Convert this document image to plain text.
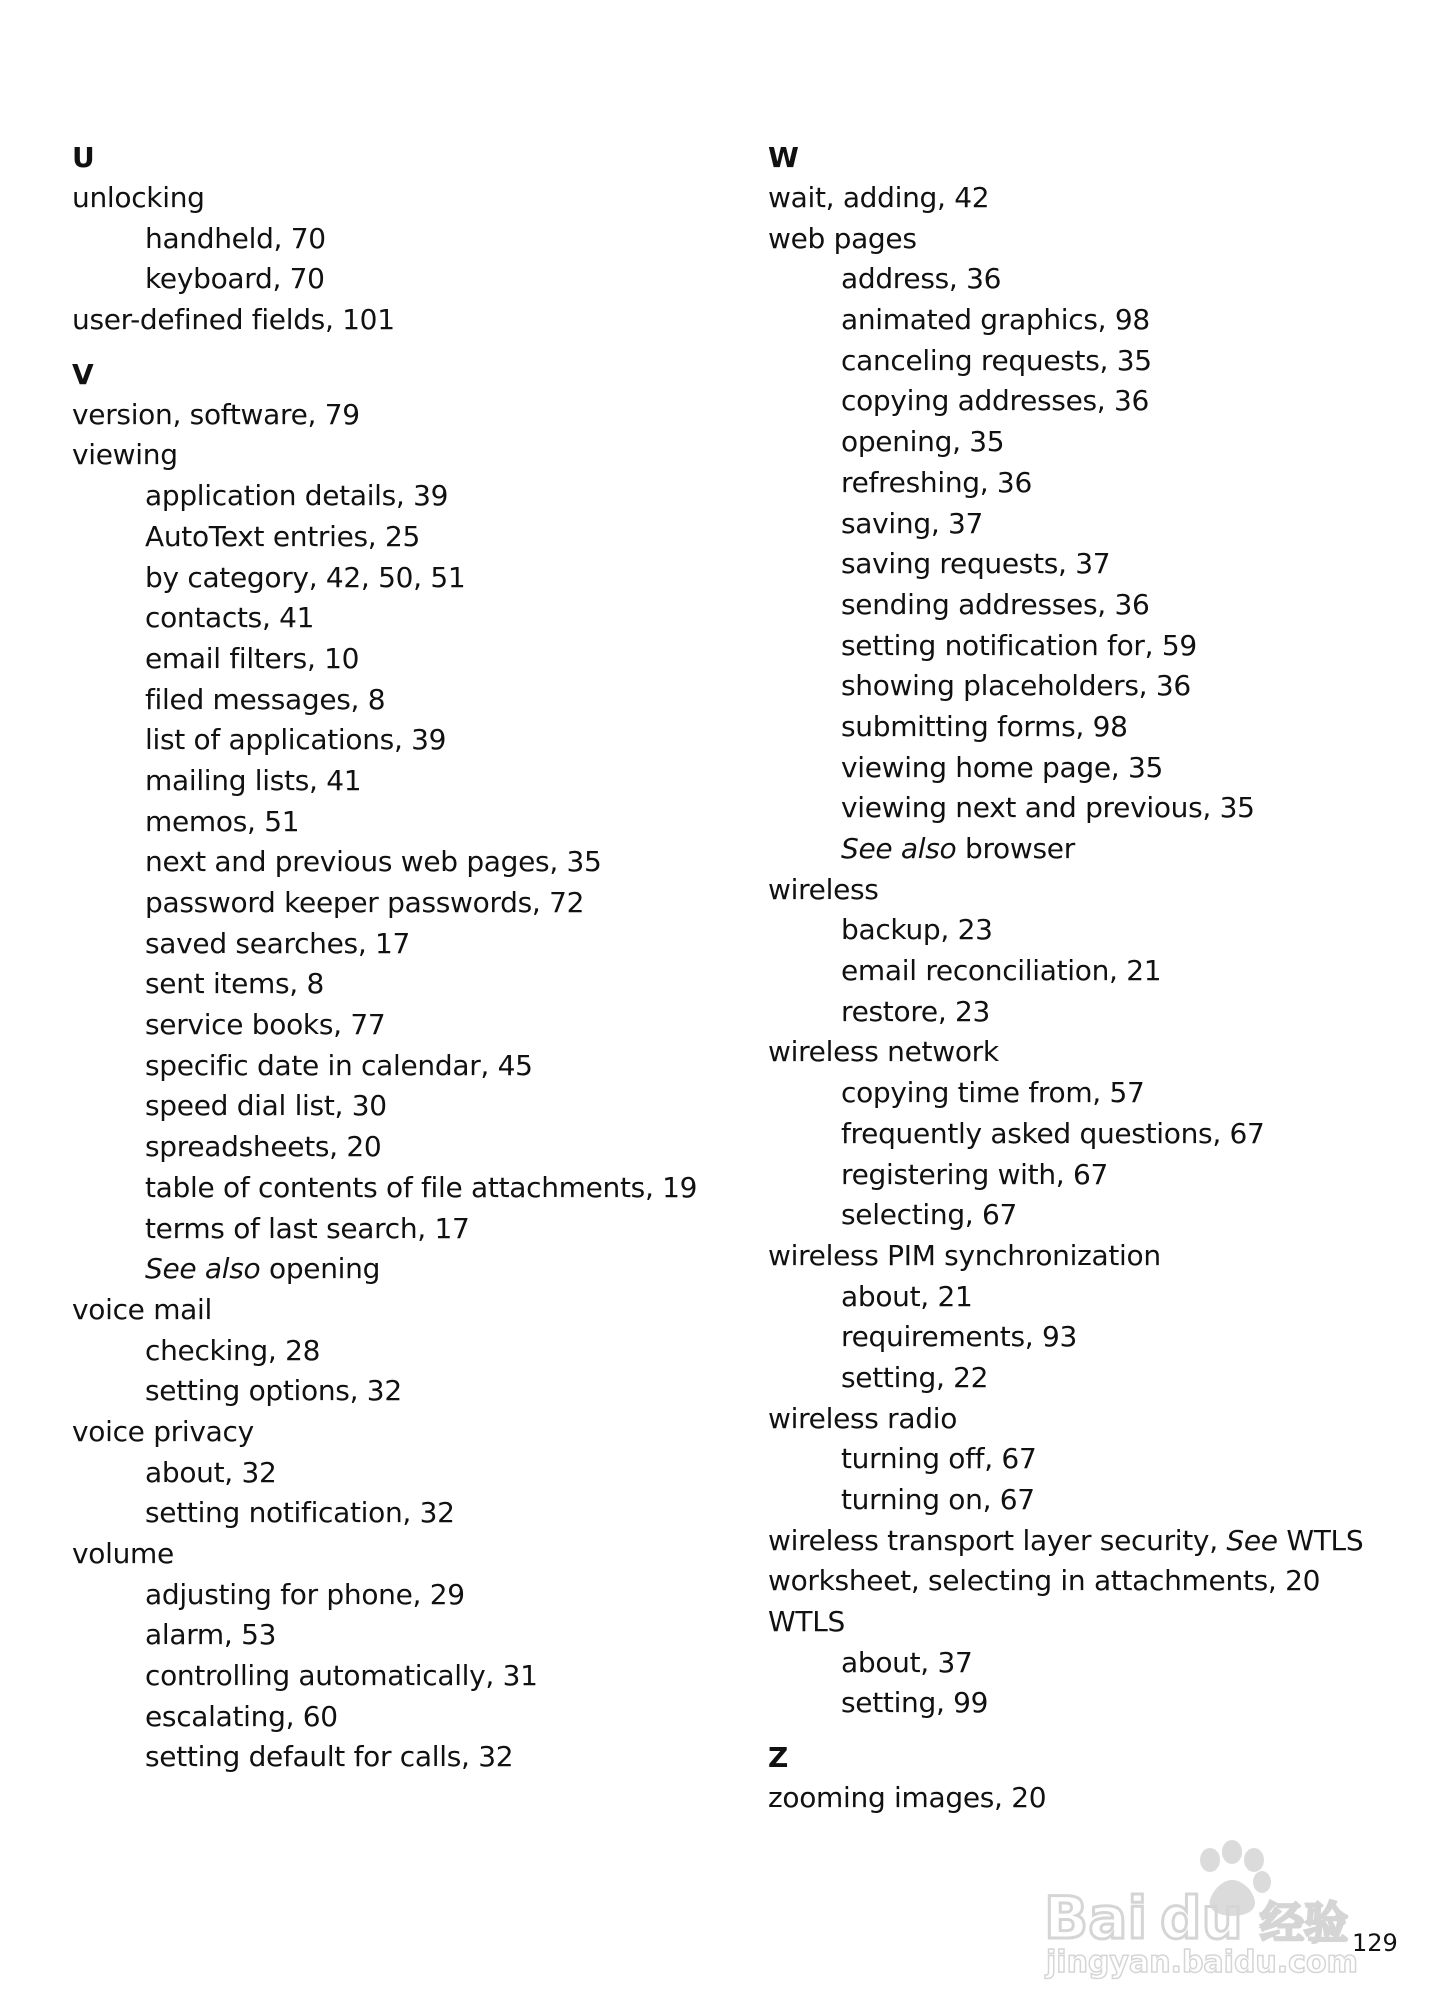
U
unlocking
handheld, 70
keyboard, 70
user-defined fields, 101
V
version, software, 79
viewing
application details, 39
AutoText entries, 25
by category, 42, 50, 51
contacts, 41
email filters, 10
filed messages, 8
list of applications, 39
mailing lists, 41
memos, 51
next and previous web pages, 35
password keeper passwords, 72
saved searches, 17
sent items, 8
service books, 77
specific date in calendar, 45
speed dial list, 30
spreadsheets, 20
table of contents of file attachments, 19
terms of last search, 17
See also opening
voice mail
checking, 28
setting options, 32
voice privacy
about, 32
setting notification, 32
volume
adjusting for phone, 29
alarm, 53
controlling automatically, 31
escalating, 60
setting default for calls, 32
W
wait, adding, 42
web pages
address, 36
animated graphics, 98
canceling requests, 35
copying addresses, 36
opening, 35
refreshing, 36
saving, 37
saving requests, 37
sending addresses, 36
setting notification for, 59
showing placeholders, 36
submitting forms, 98
viewing home page, 35
viewing next and previous, 35
See also browser
wireless
backup, 23
email reconciliation, 21
restore, 23
wireless network
copying time from, 57
frequently asked questions, 67
registering with, 67
selecting, 67
wireless PIM synchronization
about, 21
requirements, 93
setting, 22
wireless radio
turning off, 67
turning on, 67
wireless transport layer security, See WTLS
worksheet, selecting in attachments, 20
WTLS
about, 37
setting, 99
Z
zooming images, 20
Bai du 经验
jingyan.baidu.com
129
